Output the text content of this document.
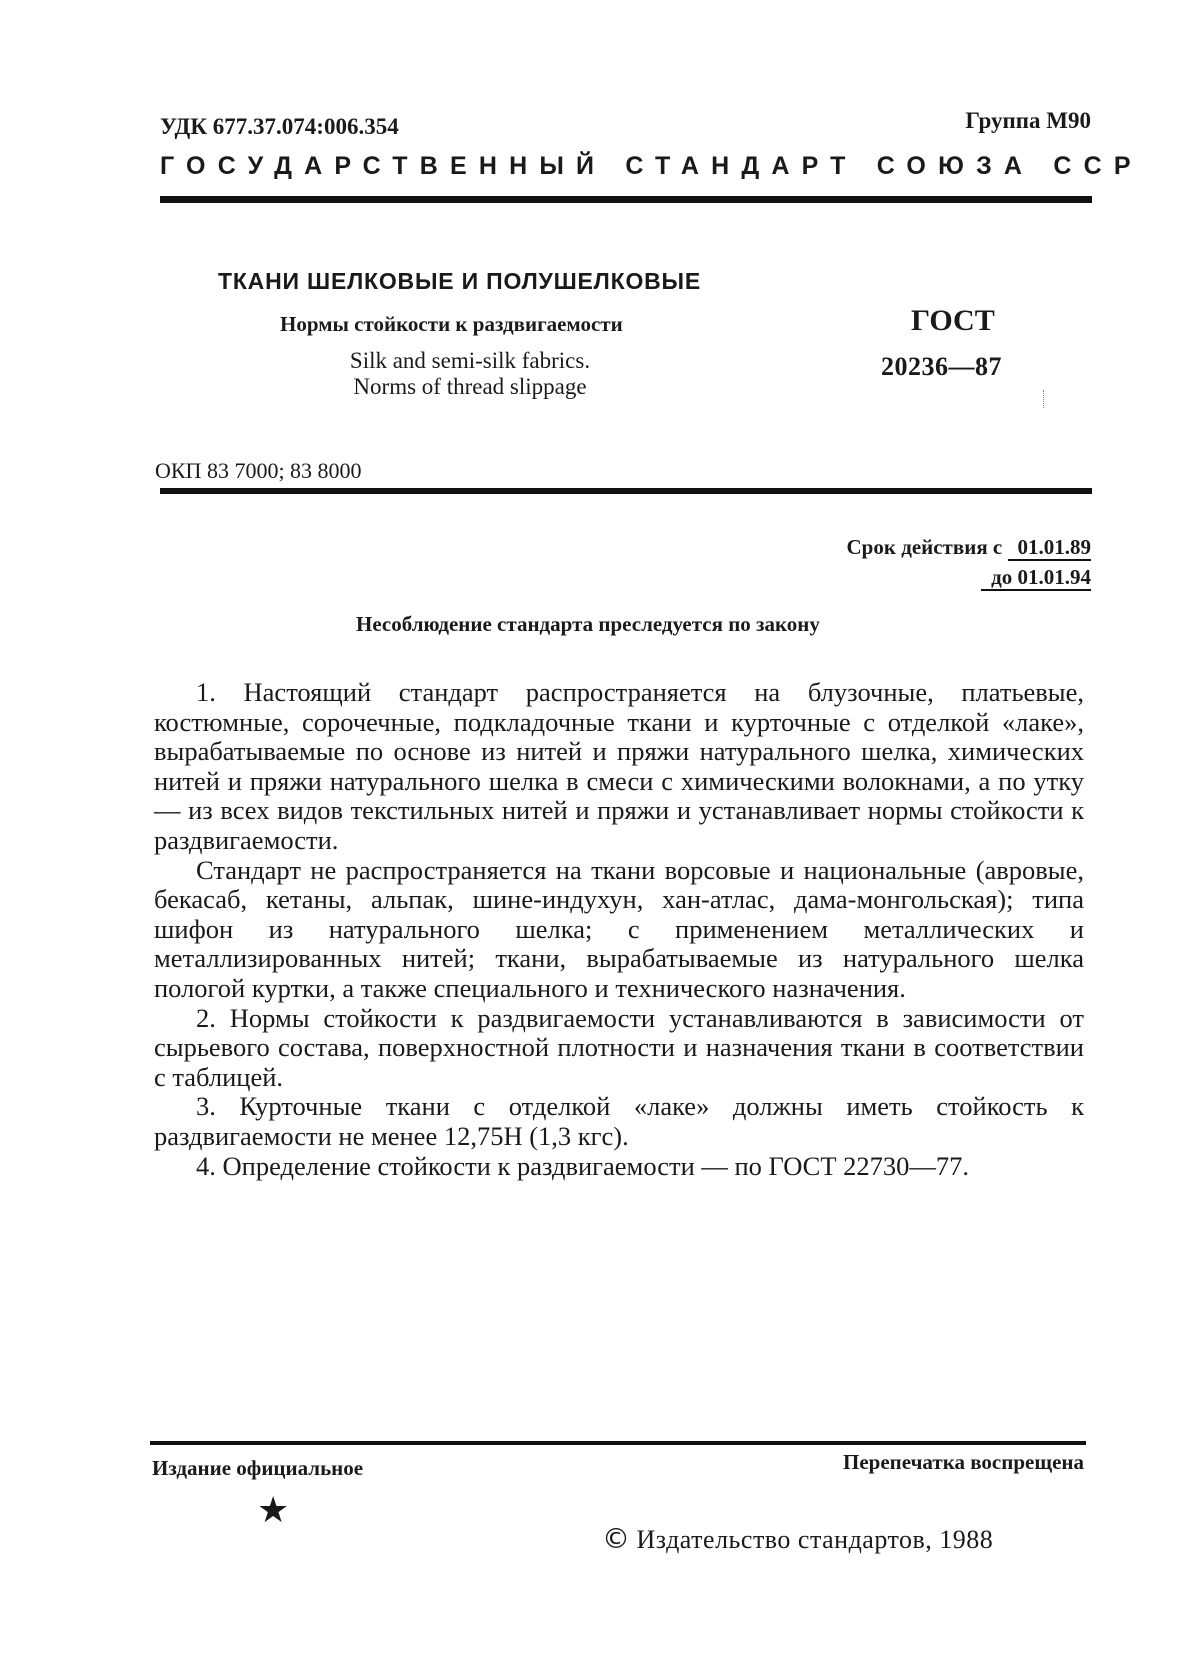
УДК 677.37.074:006.354	Группа М90
ГОСУДАРСТВЕННЫЙ СТАНДАРТ СОЮЗА ССР
ТКАНИ ШЕЛКОВЫЕ И ПОЛУШЕЛКОВЫЕ
Нормы стойкости к раздвигаемости
Silk and semi-silk fabrics.
Norms of thread slippage
ГОСТ
20236—87
ОКП 83 7000; 83 8000
Срок действия с 01.01.89
до 01.01.94
Несоблюдение стандарта преследуется по закону

1. Настоящий стандарт распространяется на блузочные, платьевые, костюмные, сорочечные, подкладочные ткани и курточные с отделкой «лаке», вырабатываемые по основе из нитей и пряжи натурального шелка, химических нитей и пряжи натурального шелка в смеси с химическими волокнами, а по утку — из всех видов текстильных нитей и пряжи и устанавливает нормы стойкости к раздвигаемости.

Стандарт не распространяется на ткани ворсовые и национальные (авровые, бекасаб, кетаны, альпак, шине-индухун, хан-атлас, дама-монгольская); типа шифон из натурального шелка; с применением металлических и металлизированных нитей; ткани, вырабатываемые из натурального шелка пологой куртки, а также специального и технического назначения.

2. Нормы стойкости к раздвигаемости устанавливаются в зависимости от сырьевого состава, поверхностной плотности и назначения ткани в соответствии с таблицей.

3. Курточные ткани с отделкой «лаке» должны иметь стойкость к раздвигаемости не менее 12,75Н (1,3 кгс).

4. Определение стойкости к раздвигаемости — по ГОСТ 22730—77.

Издание официальное	Перепечатка воспрещена
★
© Издательство стандартов, 1988
